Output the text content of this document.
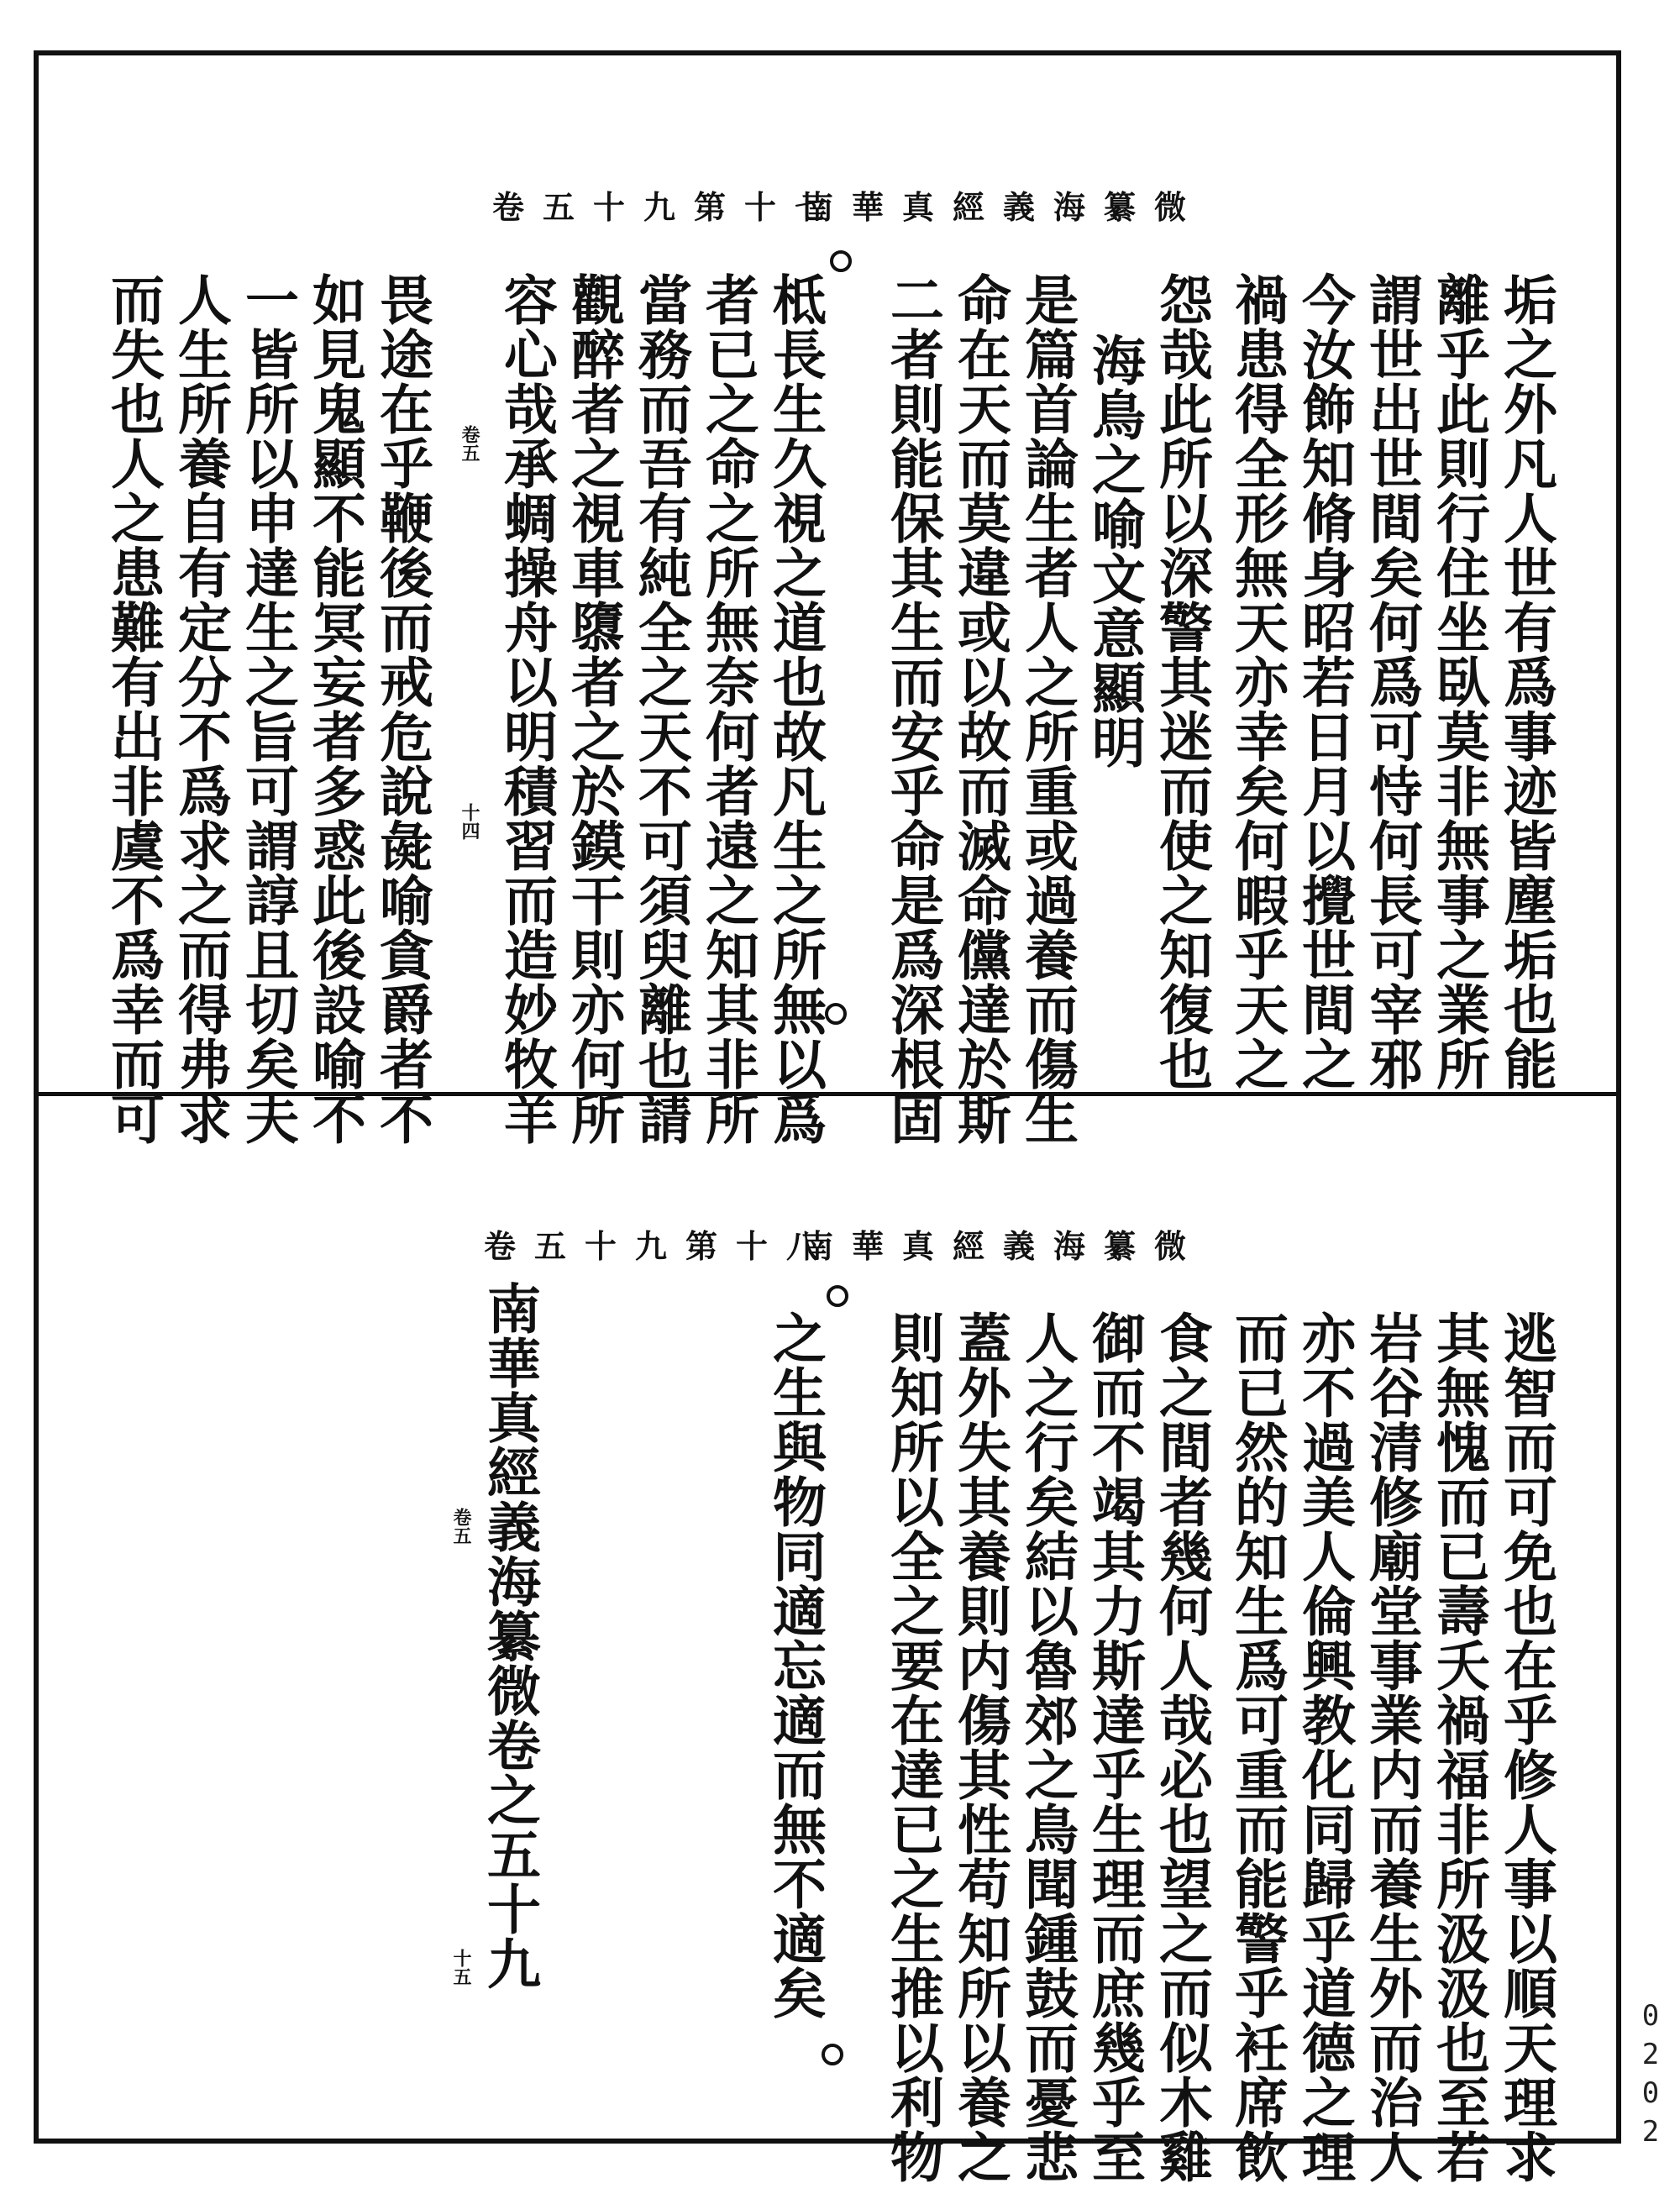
南華真經義海纂微
卷五十九第十七
垢之外凡人世有爲事迹皆塵垢也能
離乎此則行住坐臥莫非無事之業所
謂世出世間矣何爲可恃何長可宰邪
今汝飾知脩身昭若日月以攪世間之
禍患得全形無天亦幸矣何暇乎天之
怨哉此所以深警其迷而使之知復也
海鳥之喻文意顯明
是篇首論生者人之所重或過養而傷生
命在天而莫違或以故而滅命儻達於斯
二者則能保其生而安乎命是爲深根固
柢長生久視之道也故凡生之所無以爲
者已之命之所無奈何者遠之知其非所
當務而吾有純全之天不可須臾離也請
觀醉者之視車隳者之於鏌干則亦何所
容心哉承蜩操舟以明積習而造妙牧羊
畏途在乎鞭後而戒危說彘喻貪爵者不
如見鬼顯不能冥妄者多惑此後設喻不
一皆所以申達生之旨可謂諄且切矣夫
人生所養自有定分不爲求之而得弗求
而失也人之患難有出非虞不爲幸而可	卷五
十四
南華真經義海纂微
卷五十九第十八
逃智而可免也在乎修人事以順天理求
其無愧而已壽夭禍福非所汲汲也至若
岩谷清修廟堂事業内而養生外而治人
亦不過美人倫興教化同歸乎道德之理
而已然的知生爲可重而能警乎衽席飲
食之間者幾何人哉必也望之而似木雞
御而不竭其力斯達乎生理而庶幾乎至
人之行矣結以魯郊之鳥聞鍾鼓而憂悲
蓋外失其養則内傷其性苟知所以養之
則知所以全之要在達已之生推以利物
之生與物同適忘適而無不適矣
南華真經義海纂微卷之五十九
卷五
十五
0202
